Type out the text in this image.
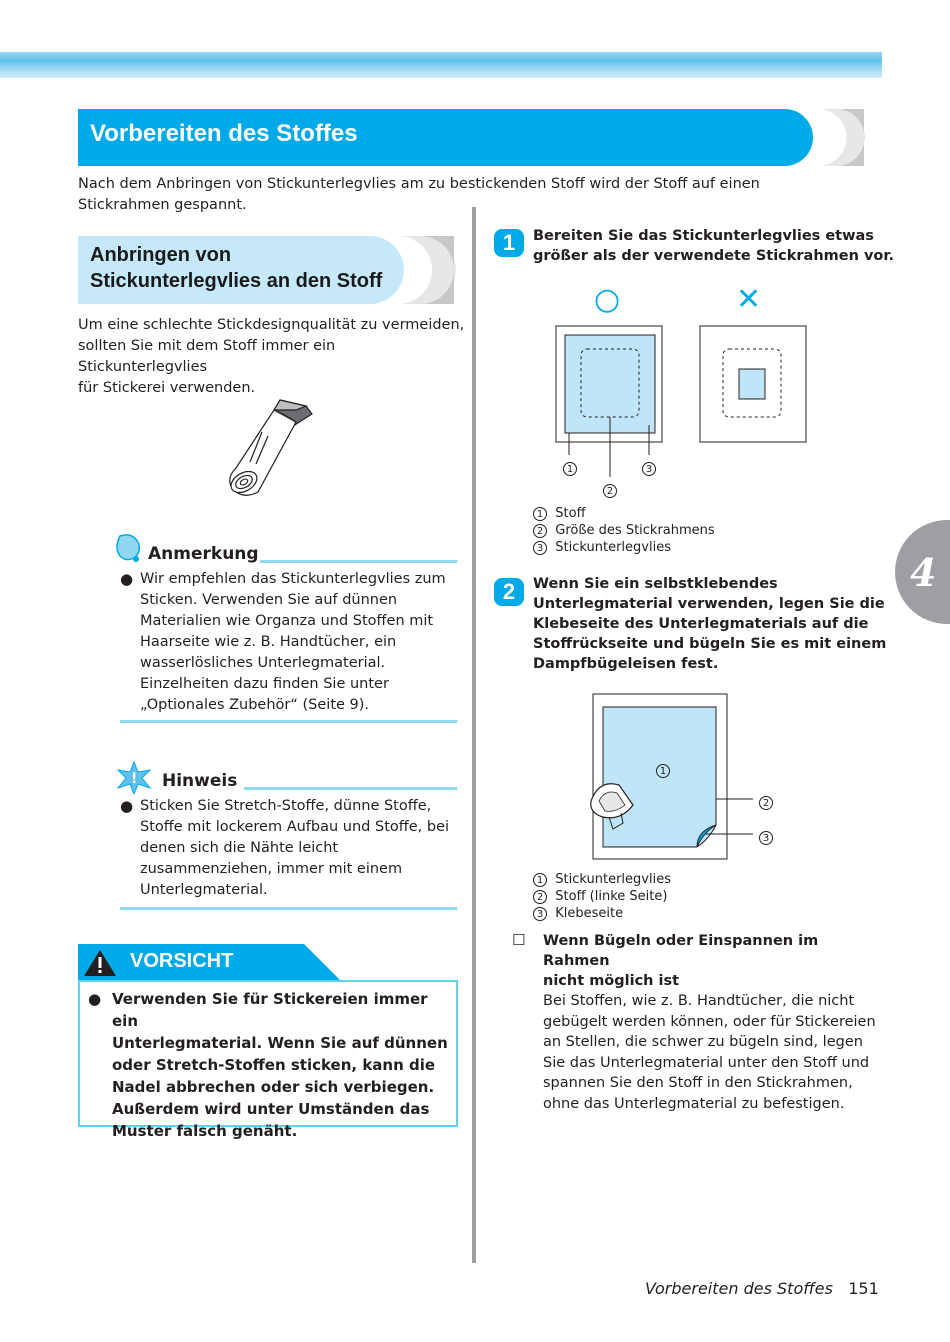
Vorbereiten des Stoffes
Nach dem Anbringen von Stickunterlegvlies am zu bestickenden Stoff wird der Stoff auf einen
Stickrahmen gespannt.
Anbringen von
Stickunterlegvlies an den Stoff
Um eine schlechte Stickdesignqualität zu vermeiden,
sollten Sie mit dem Stoff immer ein Stickunterlegvlies
für Stickerei verwenden.
Anmerkung
● Wir empfehlen das Stickunterlegvlies zum
Sticken. Verwenden Sie auf dünnen
Materialien wie Organza und Stoffen mit
Haarseite wie z. B. Handtücher, ein
wasserlösliches Unterlegmaterial.
Einzelheiten dazu finden Sie unter
„Optionales Zubehör“ (Seite 9).
! Hinweis
● Sticken Sie Stretch-Stoffe, dünne Stoffe,
Stoffe mit lockerem Aufbau und Stoffe, bei
denen sich die Nähte leicht
zusammenziehen, immer mit einem
Unterlegmaterial.
VORSICHT
● Verwenden Sie für Stickereien immer ein
Unterlegmaterial. Wenn Sie auf dünnen
oder Stretch-Stoffen sticken, kann die
Nadel abbrechen oder sich verbiegen.
Außerdem wird unter Umständen das
Muster falsch genäht.
1	Bereiten Sie das Stickunterlegvlies etwas
größer als der verwendete Stickrahmen vor.
○	✕
1
2
3
1 Stoff
2 Größe des Stickrahmens
3 Stickunterlegvlies
2	Wenn Sie ein selbstklebendes
Unterlegmaterial verwenden, legen Sie die
Klebeseite des Unterlegmaterials auf die
Stoffrückseite und bügeln Sie es mit einem
Dampfbügeleisen fest.
1
2
3
1 Stickunterlegvlies
2 Stoff (linke Seite)
3 Klebeseite
☐ Wenn Bügeln oder Einspannen im Rahmen
nicht möglich ist
Bei Stoffen, wie z. B. Handtücher, die nicht
gebügelt werden können, oder für Stickereien
an Stellen, die schwer zu bügeln sind, legen
Sie das Unterlegmaterial unter den Stoff und
spannen Sie den Stoff in den Stickrahmen,
ohne das Unterlegmaterial zu befestigen.
4
Vorbereiten des Stoffes 151
